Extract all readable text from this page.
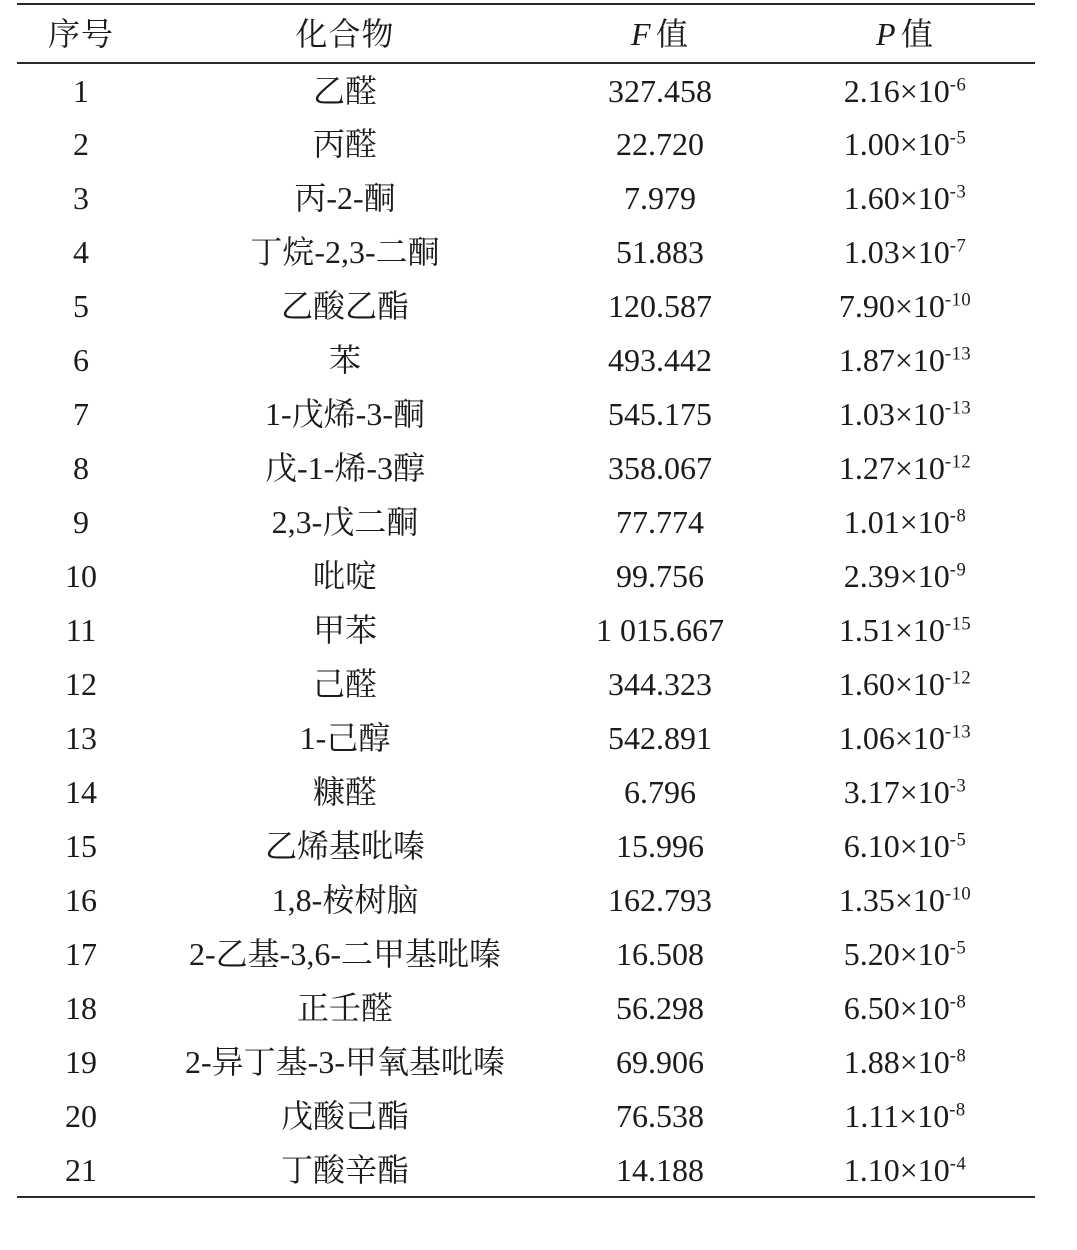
序号	化合物	F 值	P 值
1	乙醛	327.458	$2.16\times 10^{-6}$
2	丙醛	22.720	$1.00\times 10^{-5}$
3	丙-2-酮	7.979	$1.60\times 10^{-3}$
4	丁烷-2,3-二酮	51.883	$1.03\times 10^{-7}$
5	乙酸乙酯	120.587	$7.90\times 10^{-10}$
6	苯	493.442	$1.87\times 10^{-13}$
7	1-戊烯-3-酮	545.175	$1.03\times 10^{-13}$
8	戊-1-烯-3醇	358.067	$1.27\times 10^{-12}$
9	2,3-戊二酮	77.774	$1.01\times 10^{-8}$
10	吡啶	99.756	$2.39\times 10^{-9}$
11	甲苯	1 015.667	$1.51\times 10^{-15}$
12	己醛	344.323	$1.60\times 10^{-12}$
13	1-己醇	542.891	$1.06\times 10^{-13}$
14	糠醛	6.796	$3.17\times 10^{-3}$
15	乙烯基吡嗪	15.996	$6.10\times 10^{-5}$
16	1,8-桉树脑	162.793	$1.35\times 10^{-10}$
17	2-乙基-3,6-二甲基吡嗪	16.508	$5.20\times 10^{-5}$
18	正壬醛	56.298	$6.50\times 10^{-8}$
19	2-异丁基-3-甲氧基吡嗪	69.906	$1.88\times 10^{-8}$
20	戊酸己酯	76.538	$1.11\times 10^{-8}$
21	丁酸辛酯	14.188	$1.10\times 10^{-4}$
